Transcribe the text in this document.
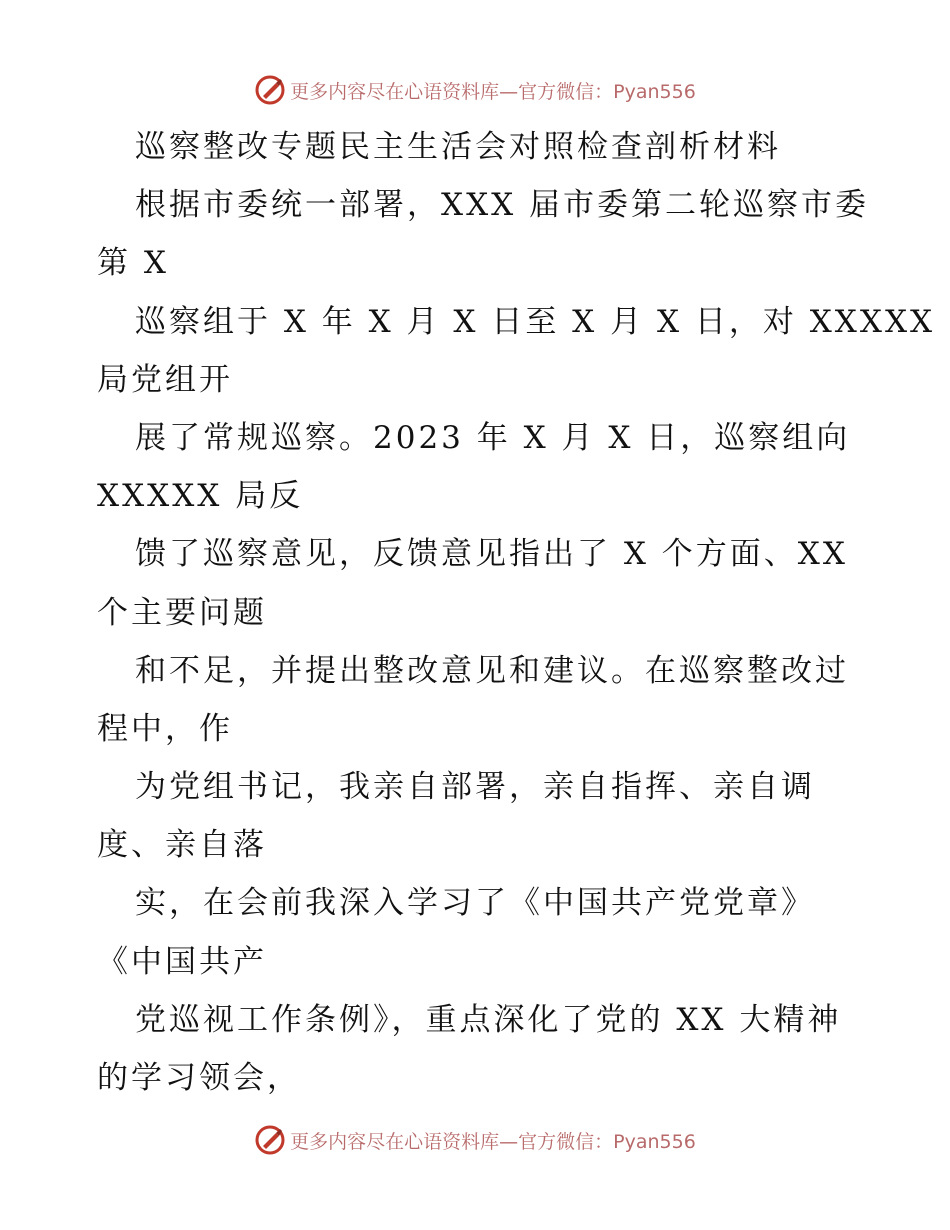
更多内容尽在心语资料库—官方微信：Pyan556
巡察整改专题民主生活会对照检查剖析材料
根据市委统一部署，XXX 届市委第二轮巡察市委
第 X
巡察组于 X 年 X 月 X 日至 X 月 X 日，对 XXXXX
局党组开
展了常规巡察。2023 年 X 月 X 日，巡察组向
XXXXX 局反
馈了巡察意见，反馈意见指出了 X 个方面、XX
个主要问题
和不足，并提出整改意见和建议。在巡察整改过
程中，作
为党组书记，我亲自部署，亲自指挥、亲自调
度、亲自落
实，在会前我深入学习了《中国共产党党章》
《中国共产
党巡视工作条例》，重点深化了党的 XX 大精神
的学习领会，
更多内容尽在心语资料库—官方微信：Pyan556
